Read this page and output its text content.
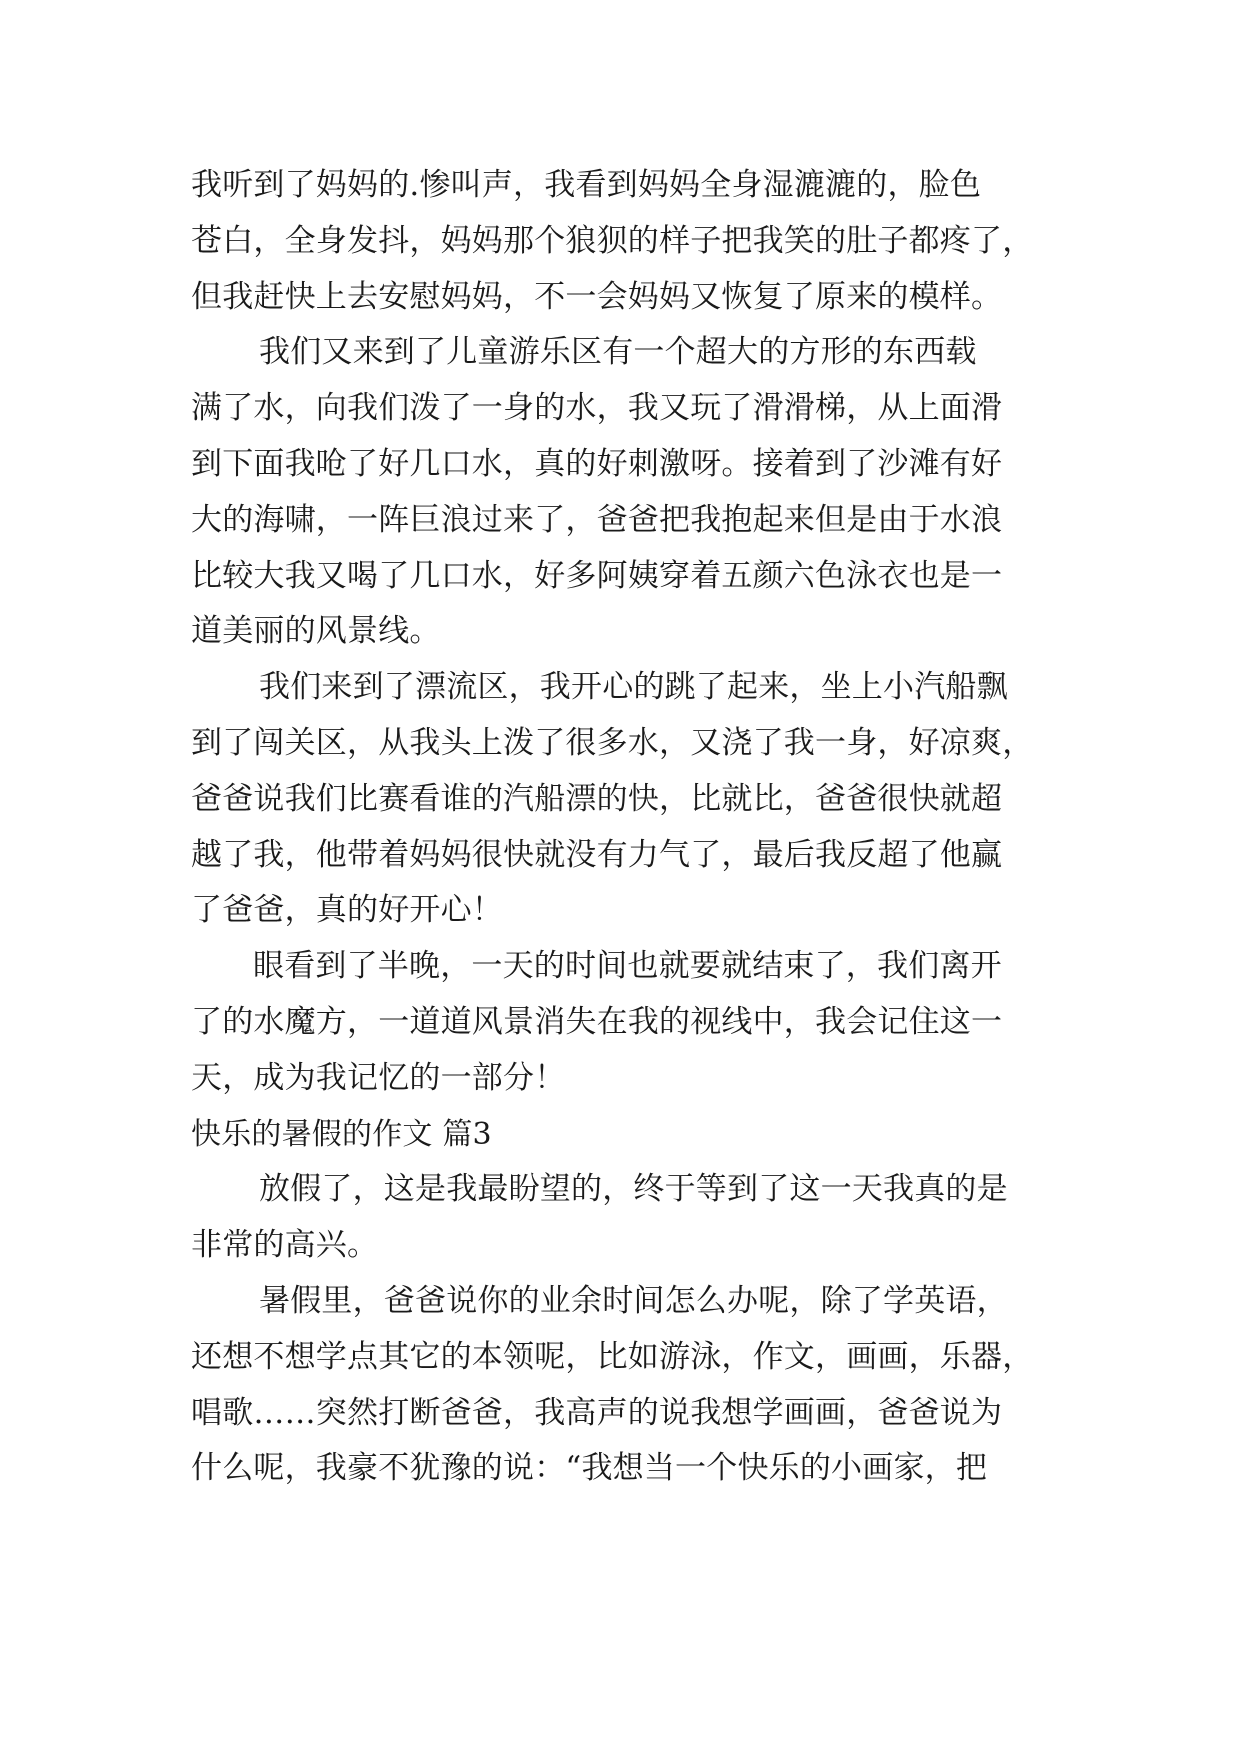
我听到了妈妈的.惨叫声，我看到妈妈全身湿漉漉的，脸色
苍白，全身发抖，妈妈那个狼狈的样子把我笑的肚子都疼了，
但我赶快上去安慰妈妈，不一会妈妈又恢复了原来的模样。
我们又来到了儿童游乐区有一个超大的方形的东西载
满了水，向我们泼了一身的水，我又玩了滑滑梯，从上面滑
到下面我呛了好几口水，真的好刺激呀。接着到了沙滩有好
大的海啸，一阵巨浪过来了，爸爸把我抱起来但是由于水浪
比较大我又喝了几口水，好多阿姨穿着五颜六色泳衣也是一
道美丽的风景线。
我们来到了漂流区，我开心的跳了起来，坐上小汽船飘
到了闯关区，从我头上泼了很多水，又浇了我一身，好凉爽，
爸爸说我们比赛看谁的汽船漂的快，比就比，爸爸很快就超
越了我，他带着妈妈很快就没有力气了，最后我反超了他赢
了爸爸，真的好开心！
眼看到了半晚，一天的时间也就要就结束了，我们离开
了的水魔方，一道道风景消失在我的视线中，我会记住这一
天，成为我记忆的一部分！
快乐的暑假的作文 篇3
放假了，这是我最盼望的，终于等到了这一天我真的是
非常的高兴。
暑假里，爸爸说你的业余时间怎么办呢，除了学英语，
还想不想学点其它的本领呢，比如游泳，作文，画画，乐器，
唱歌……突然打断爸爸，我高声的说我想学画画，爸爸说为
什么呢，我豪不犹豫的说：“我想当一个快乐的小画家，把
